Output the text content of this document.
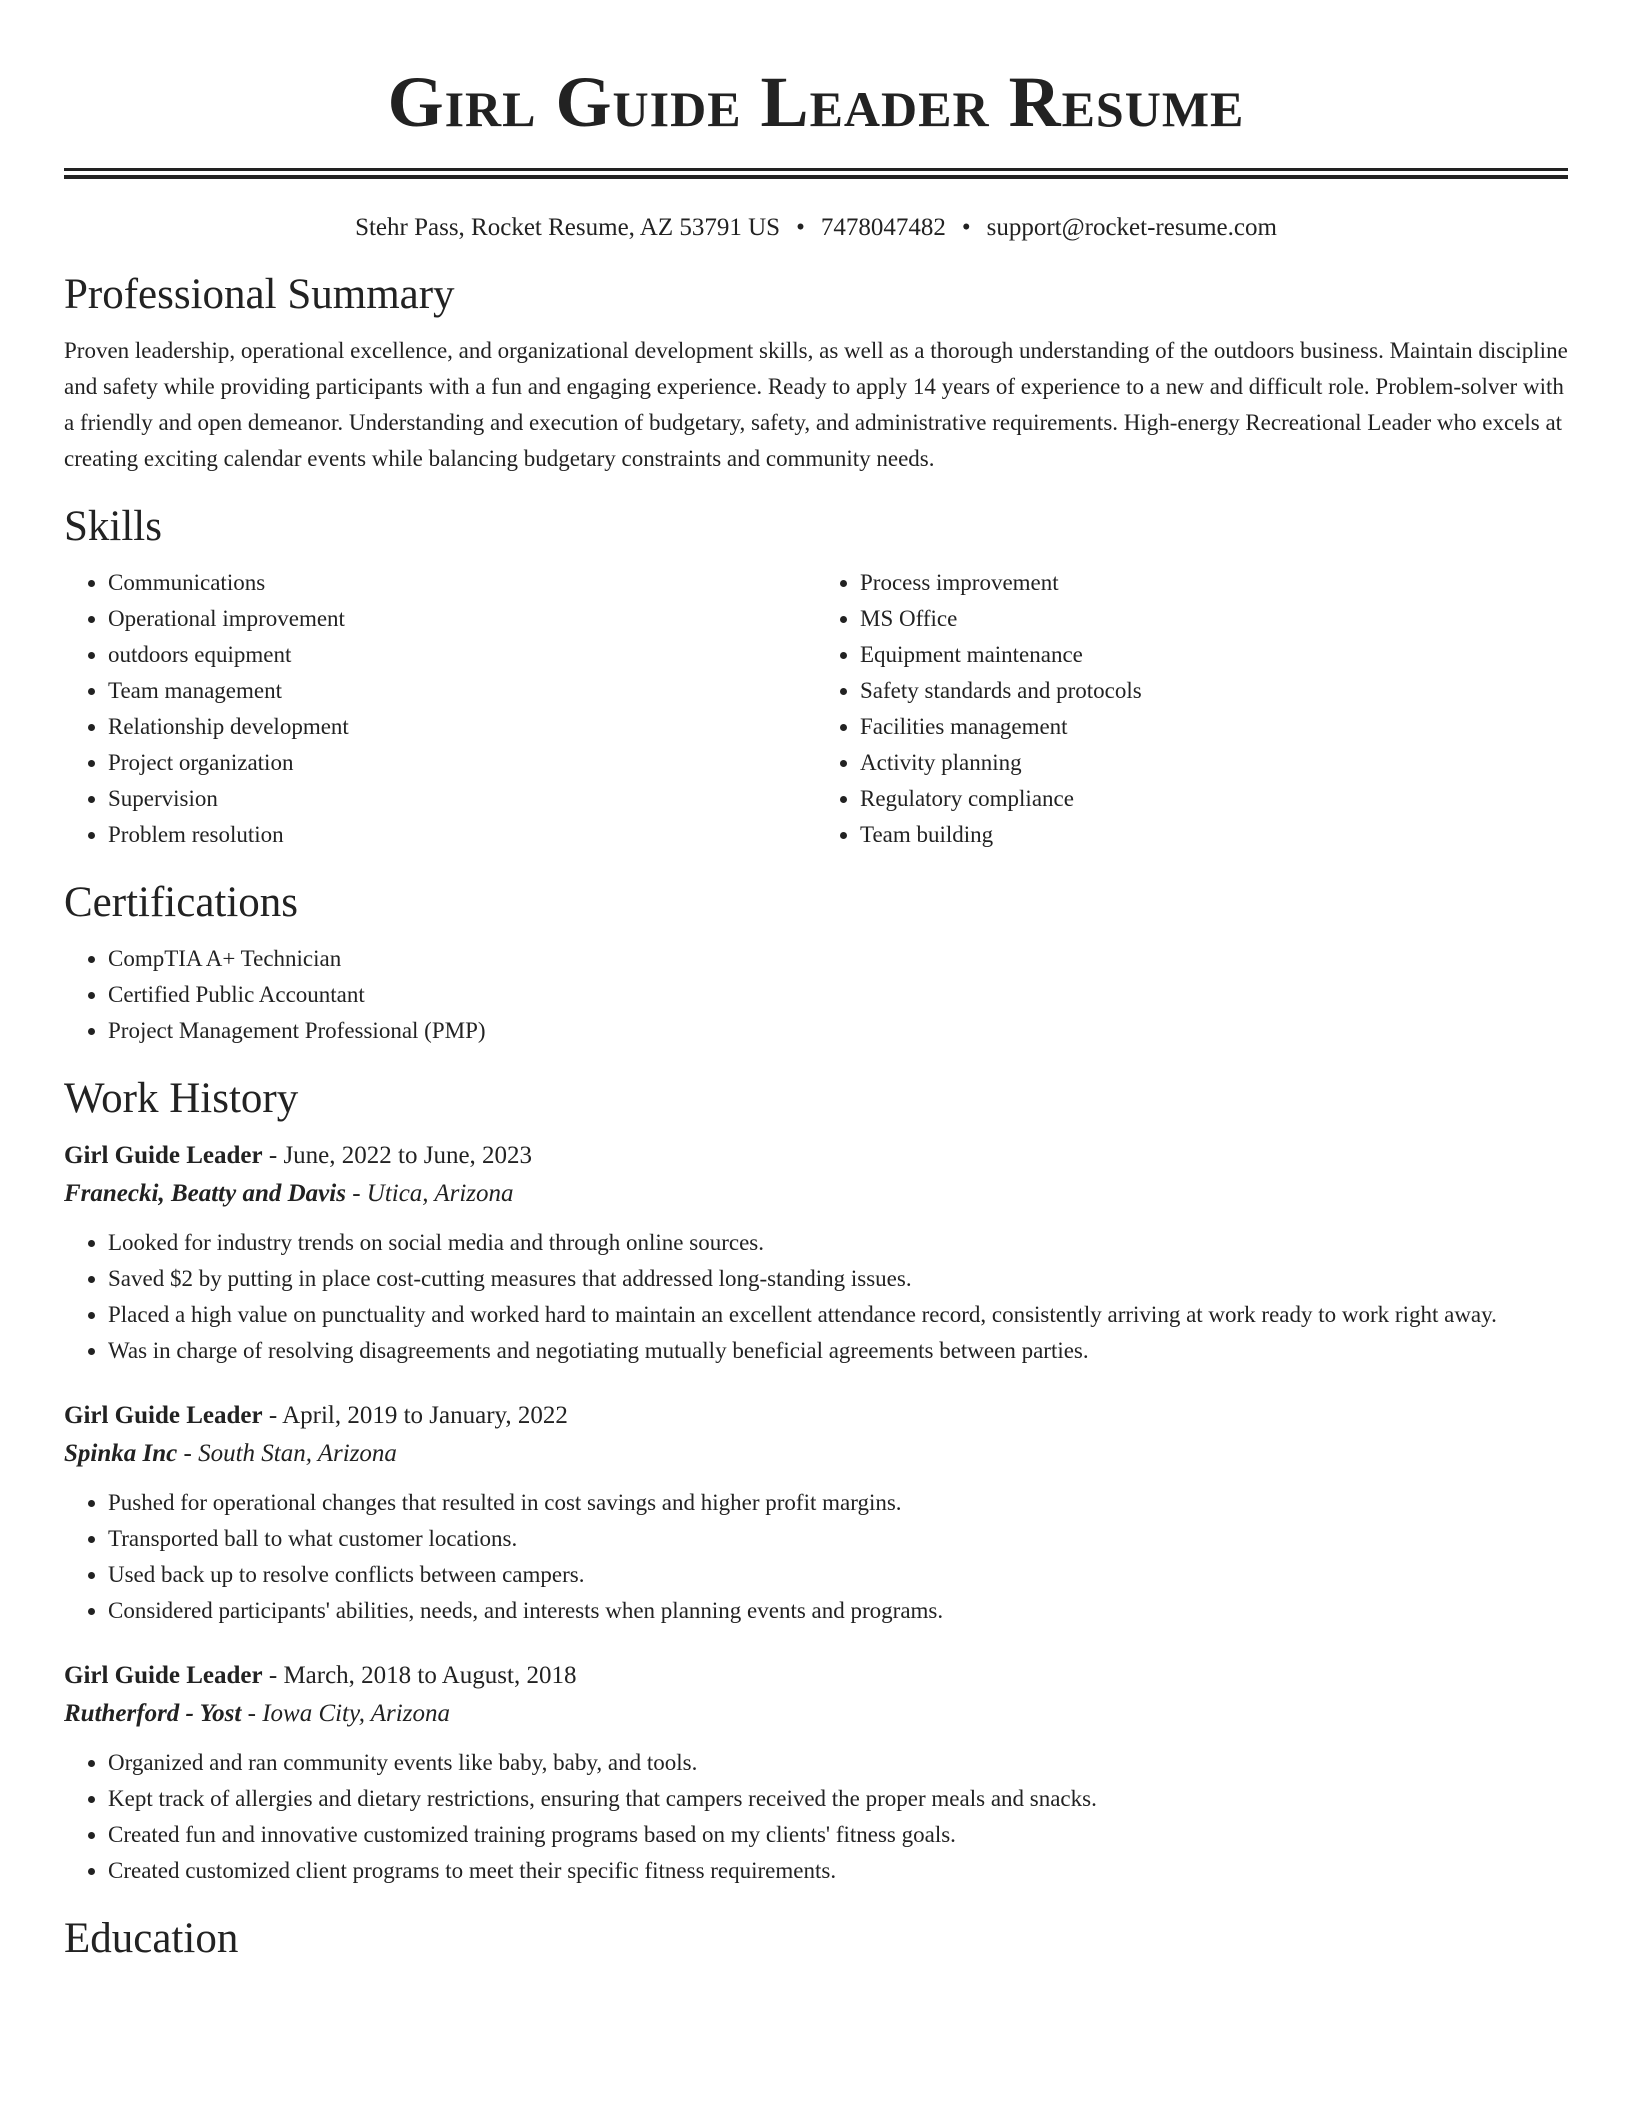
Girl Guide Leader Resume
Stehr Pass, Rocket Resume, AZ 53791 US • 7478047482 • support@rocket-resume.com
Professional Summary

Proven leadership, operational excellence, and organizational development skills, as well as a thorough understanding of the outdoors business. Maintain discipline and safety while providing participants with a fun and engaging experience. Ready to apply 14 years of experience to a new and difficult role. Problem-solver with a friendly and open demeanor. Understanding and execution of budgetary, safety, and administrative requirements. High-energy Recreational Leader who excels at creating exciting calendar events while balancing budgetary constraints and community needs.

Skills
• Communications
• Operational improvement
• outdoors equipment
• Team management
• Relationship development
• Project organization
• Supervision
• Problem resolution
• Process improvement
• MS Office
• Equipment maintenance
• Safety standards and protocols
• Facilities management
• Activity planning
• Regulatory compliance
• Team building
Certifications
• CompTIA A+ Technician
• Certified Public Accountant
• Project Management Professional (PMP)
Work History
Girl Guide Leader - June, 2022 to June, 2023
Franecki, Beatty and Davis - Utica, Arizona
• Looked for industry trends on social media and through online sources.
• Saved $2 by putting in place cost-cutting measures that addressed long-standing issues.
• Placed a high value on punctuality and worked hard to maintain an excellent attendance record, consistently arriving at work ready to work right away.
• Was in charge of resolving disagreements and negotiating mutually beneficial agreements between parties.
Girl Guide Leader - April, 2019 to January, 2022
Spinka Inc - South Stan, Arizona
• Pushed for operational changes that resulted in cost savings and higher profit margins.
• Transported ball to what customer locations.
• Used back up to resolve conflicts between campers.
• Considered participants' abilities, needs, and interests when planning events and programs.
Girl Guide Leader - March, 2018 to August, 2018
Rutherford - Yost - Iowa City, Arizona
• Organized and ran community events like baby, baby, and tools.
• Kept track of allergies and dietary restrictions, ensuring that campers received the proper meals and snacks.
• Created fun and innovative customized training programs based on my clients' fitness goals.
• Created customized client programs to meet their specific fitness requirements.
Education
